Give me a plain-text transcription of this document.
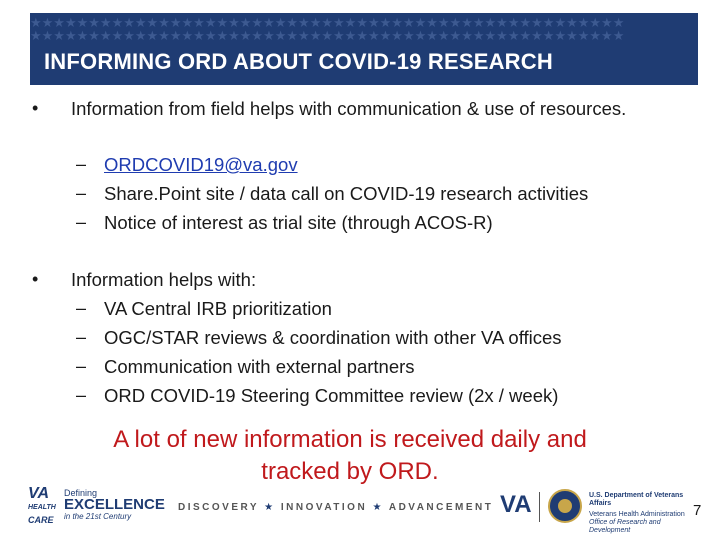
★★★★★★★★★★★★★★★★★★★★★★★★★★★★★★★★★★★★★★★★★★★★★★★★★★★
★★★★★★★★★★★★★★★★★★★★★★★★★★★★★★★★★★★★★★★★★★★★★★★★★★★
INFORMING ORD ABOUT COVID-19 RESEARCH
• Information from field helps with communication & use of resources.
– ORDCOVID19@va.gov
– Share.Point site / data call on COVID-19 research activities
– Notice of interest as trial site (through ACOS-R)
• Information helps with:
– VA Central IRB prioritization
– OGC/STAR reviews & coordination with other VA offices
– Communication with external partners
– ORD COVID-19 Steering Committee review (2x / week)
A lot of new information is received daily and tracked by ORD.
VA
HEALTH
CARE
Defining
EXCELLENCE
in the 21st Century
DISCOVERY ★ INNOVATION ★ ADVANCEMENT VA	U.S. Department of Veterans Affairs
Veterans Health Administration
Office of Research and Development
7
